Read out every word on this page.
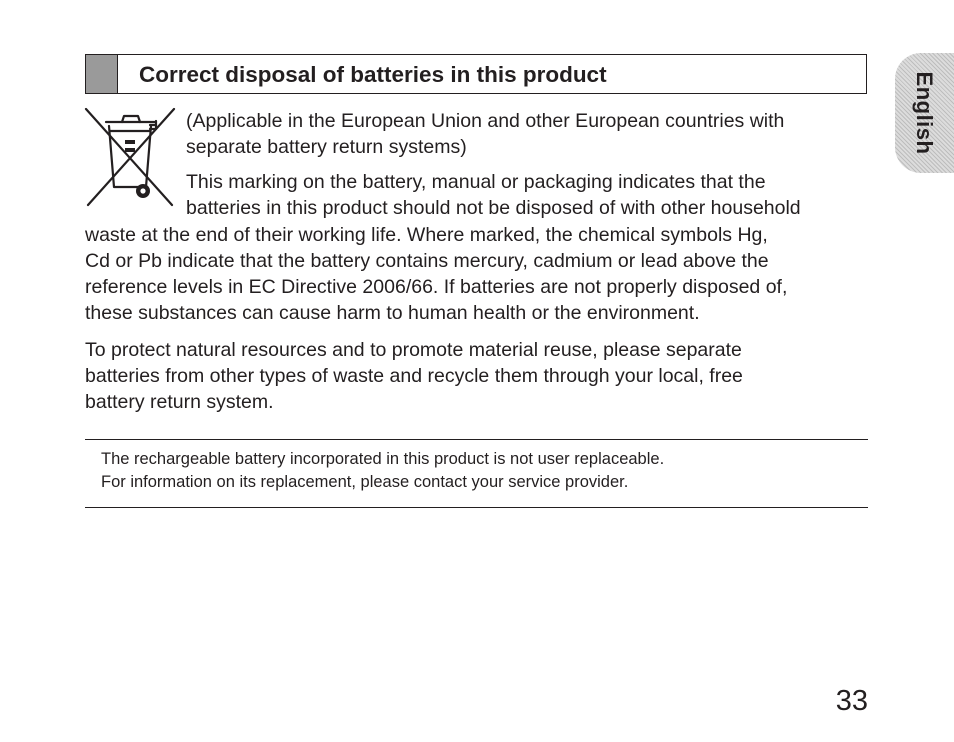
Correct disposal of batteries in this product	English
(Applicable in the European Union and other European countries with
separate battery return systems)
This marking on the battery, manual or packaging indicates that the
batteries in this product should not be disposed of with other household
waste at the end of their working life. Where marked, the chemical symbols Hg,
Cd or Pb indicate that the battery contains mercury, cadmium or lead above the
reference levels in EC Directive 2006/66. If batteries are not properly disposed of,
these substances can cause harm to human health or the environment.
To protect natural resources and to promote material reuse, please separate
batteries from other types of waste and recycle them through your local, free
battery return system.
The rechargeable battery incorporated in this product is not user replaceable.
For information on its replacement, please contact your service provider.
33
